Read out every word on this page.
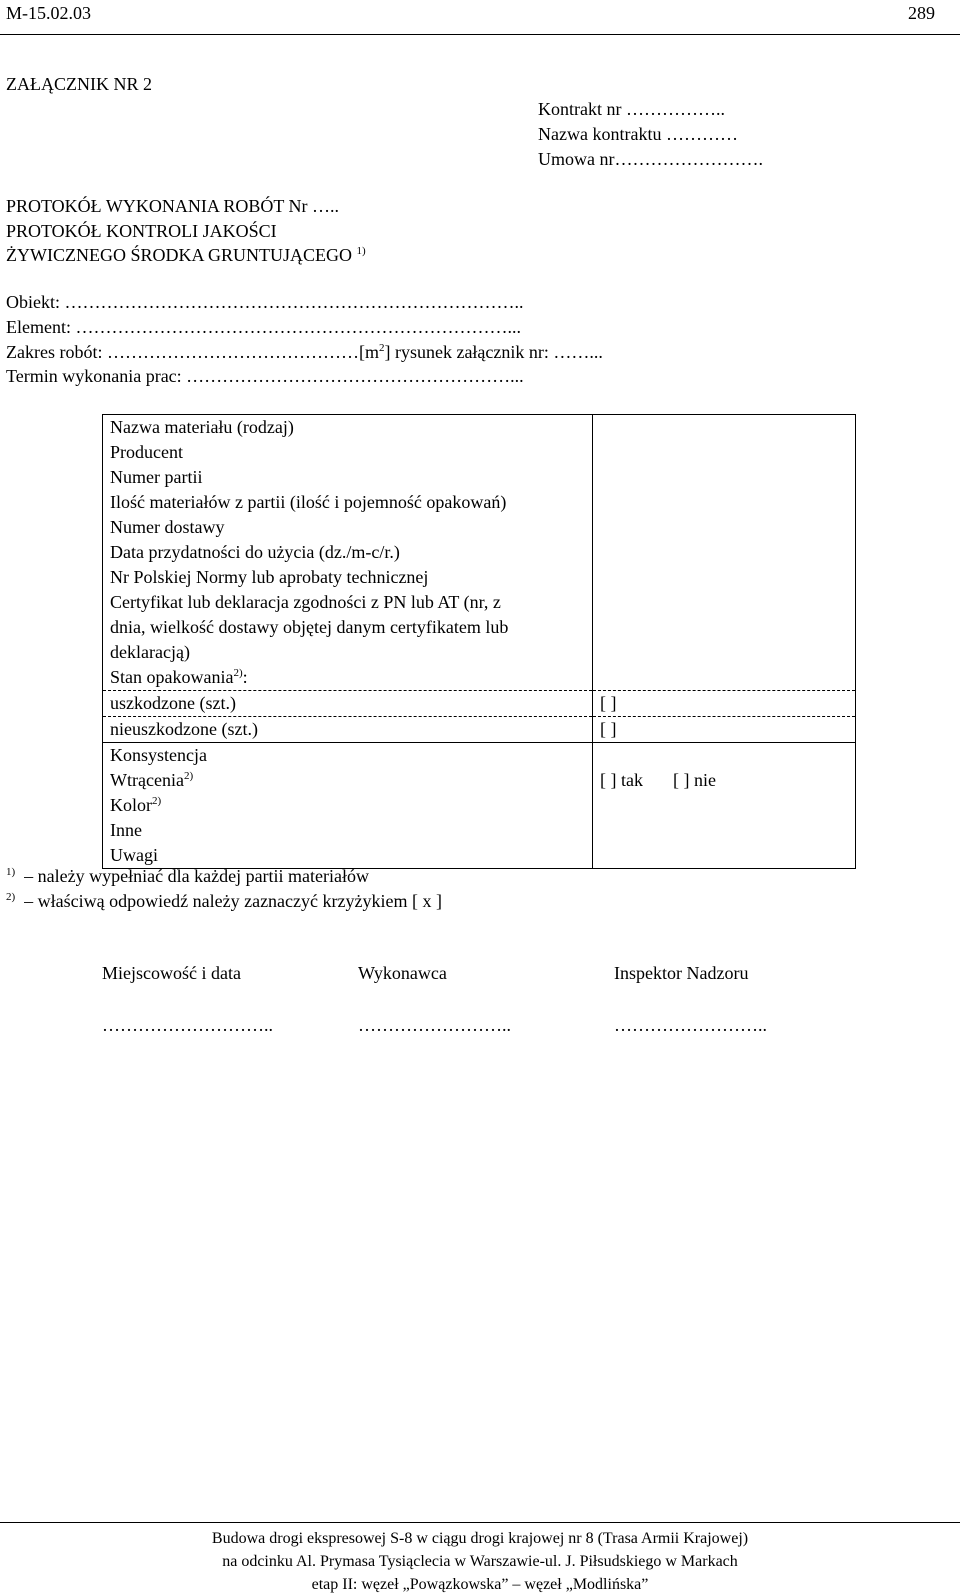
M-15.02.03	289
ZAŁĄCZNIK NR 2
Kontrakt nr ……………..
Nazwa kontraktu …………
Umowa nr…………………….
PROTOKÓŁ WYKONANIA ROBÓT Nr …..
PROTOKÓŁ KONTROLI JAKOŚCI
ŻYWICZNEGO ŚRODKA GRUNTUJĄCEGO $^{1)}$
Obiekt: …………………………………………………………………..
Element: ………………………………………………………………...
Zakres robót: $\dots\dots\dots\dots\dots\dots\dots\dots\dots\dots\dots\dots\dots\dots[m^2]$ rysunek załącznik nr: ……...
Termin wykonania prac: ………………………………………………...
Nazwa materiału (rodzaj)	
Producent	
Numer partii	
Ilość materiałów z partii (ilość i pojemność opakowań)	
Numer dostawy	
Data przydatności do użycia (dz./m-c/r.)	
Nr Polskiej Normy lub aprobaty technicznej	

Certyfikat lub deklaracja zgodności z PN lub AT (nr, z
dnia, wielkość dostawy objętej danym certyfikatem lub
deklaracją)	

Stan opakowania$^{2)}$:	
uszkodzone (szt.)	[ ]
nieuszkodzone (szt.)	[ ]
Konsystencja	
Wtrącenia$^{2)}$	[ ] tak [ ] nie
Kolor$^{2)}$	
Inne	
Uwagi	
$^{1)}$  – należy wypełniać dla każdej partii materiałów
$^{2)}$  – właściwą odpowiedź należy zaznaczyć krzyżykiem [ x ]
Miejscowość i data	Wykonawca	Inspektor Nadzoru
………………………..	……………………..	……………………..
Budowa drogi ekspresowej S-8 w ciągu drogi krajowej nr 8 (Trasa Armii Krajowej)
na odcinku Al. Prymasa Tysiąclecia w Warszawie-ul. J. Piłsudskiego w Markach
etap II: węzeł „Powązkowska” – węzeł „Modlińska”
